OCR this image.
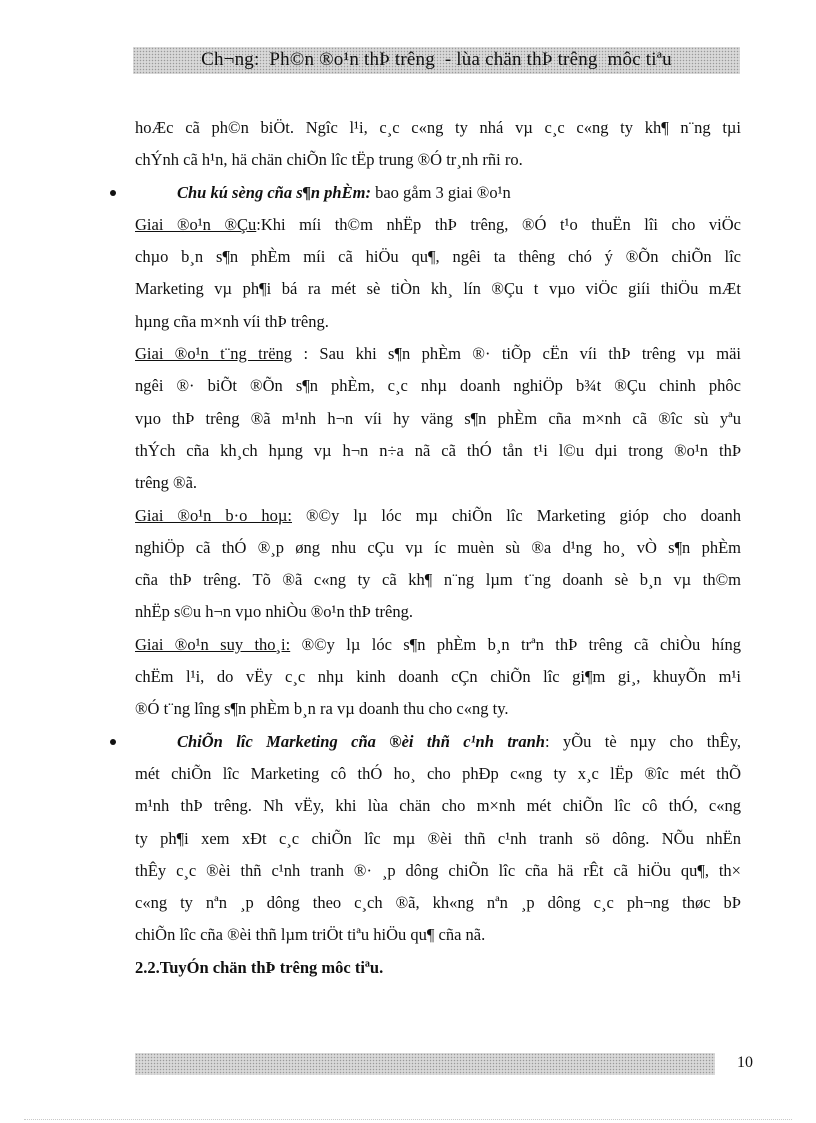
Ch¬ng:  Ph©n ®o¹n thÞ trêng  - lùa chän thÞ trêng  môc tiªu

hoÆc cã ph©n biÖt. Ngîc l¹i, c¸c c«ng ty nhá vµ c¸c c«ng ty kh¶ n¨ng tµi

chÝnh cã h¹n, hä chän chiÕn lîc tËp trung ®Ó tr¸nh rñi ro.

Chu kú sèng cña s¶n phÈm: bao gåm 3 giai ®o¹n

Giai ®o¹n ®Çu:Khi míi th©m nhËp thÞ trêng, ®Ó t¹o thuËn lîi cho viÖc

chµo b¸n s¶n phÈm míi cã hiÖu qu¶, ngêi ta thêng chó ý ®Õn chiÕn lîc

Marketing vµ ph¶i bá ra mét sè tiÒn kh¸ lín ®Çu t vµo viÖc giíi thiÖu mÆt

hµng cña m×nh víi thÞ trêng.

Giai ®o¹n t¨ng trëng : Sau khi s¶n phÈm ®· tiÕp cËn víi thÞ trêng vµ mäi

ngêi ®· biÕt ®Õn s¶n phÈm, c¸c nhµ doanh nghiÖp b¾t ®Çu chinh phôc

vµo thÞ trêng ®ã m¹nh h¬n víi hy väng s¶n phÈm cña m×nh cã ®îc sù yªu

thÝch cña kh¸ch hµng vµ h¬n n÷a nã cã thÓ tån t¹i l©u dµi trong ®o¹n thÞ

trêng ®ã.

Giai ®o¹n b·o hoµ: ®©y lµ lóc mµ chiÕn lîc Marketing gióp cho doanh

nghiÖp cã thÓ ®¸p øng nhu cÇu vµ íc muèn sù ®a d¹ng ho¸ vÒ s¶n phÈm

cña thÞ trêng. Tõ ®ã c«ng ty cã kh¶ n¨ng lµm t¨ng doanh sè b¸n vµ th©m

nhËp s©u h¬n vµo nhiÒu ®o¹n thÞ trêng.

Giai ®o¹n suy tho¸i: ®©y lµ lóc s¶n phÈm b¸n trªn thÞ trêng cã chiÒu híng

chËm l¹i, do vËy c¸c nhµ kinh doanh cÇn chiÕn lîc gi¶m gi¸, khuyÕn m¹i

®Ó t¨ng lîng s¶n phÈm b¸n ra vµ doanh thu cho c«ng ty.

ChiÕn lîc Marketing cña ®èi thñ c¹nh tranh: yÕu tè nµy cho thÊy,

mét chiÕn lîc Marketing cô thÓ ho¸ cho phÐp c«ng ty x¸c lËp ®îc mét thÕ

m¹nh thÞ trêng. Nh vËy, khi lùa chän cho m×nh mét chiÕn lîc cô thÓ, c«ng

ty ph¶i xem xÐt c¸c chiÕn lîc mµ ®èi thñ c¹nh tranh sö dông. NÕu nhËn

thÊy c¸c ®èi thñ c¹nh tranh ®· ¸p dông chiÕn lîc cña hä rÊt cã hiÖu qu¶, th×

c«ng ty nªn ¸p dông theo c¸ch ®ã, kh«ng nªn ¸p dông c¸c ph¬ng thøc bÞ

chiÕn lîc cña ®èi thñ lµm triÖt tiªu hiÖu qu¶ cña nã.

2.2.TuyÓn chän thÞ trêng môc tiªu.

10
